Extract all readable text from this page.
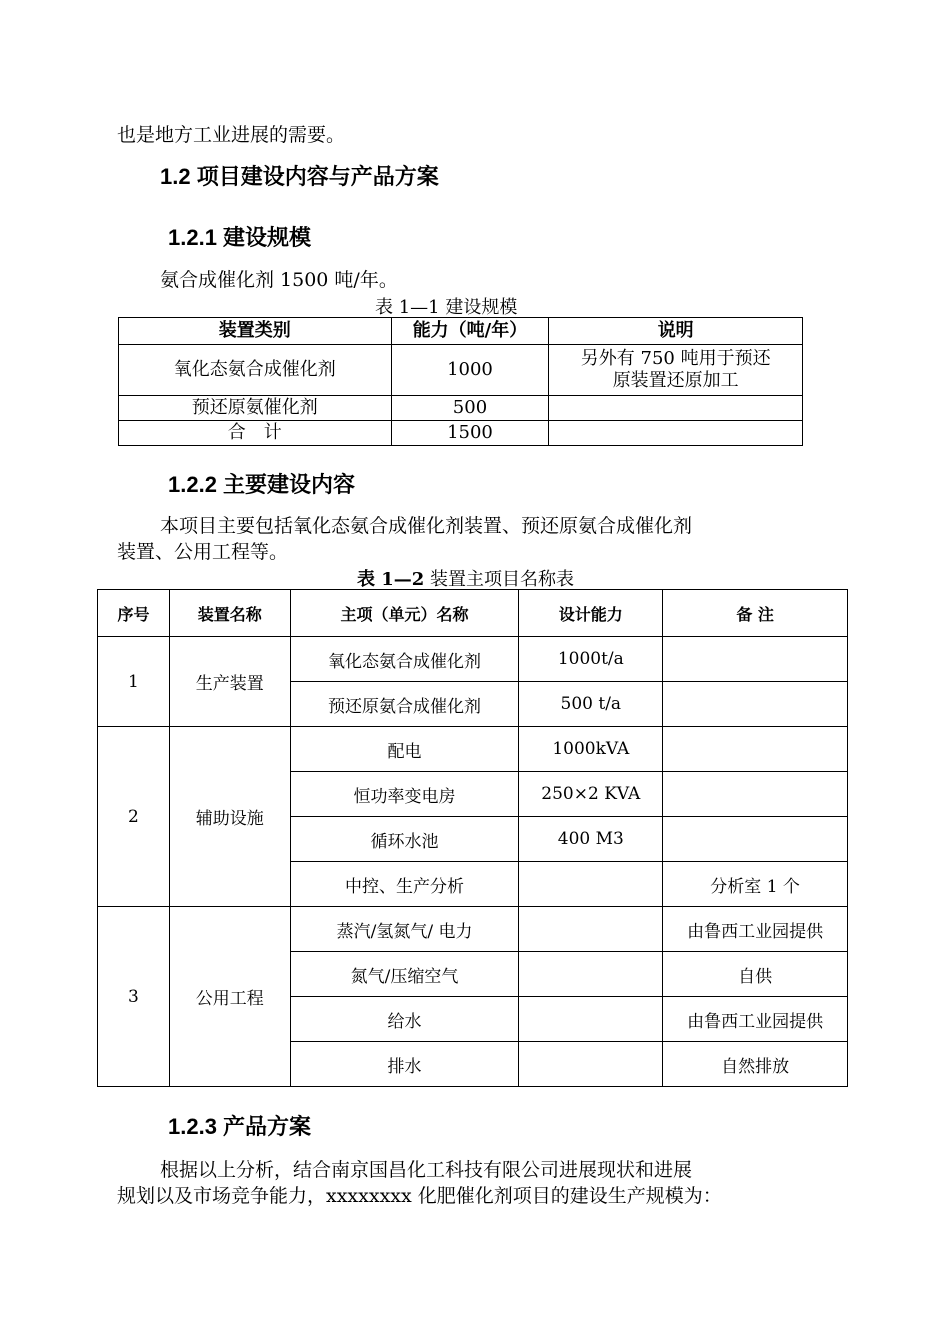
也是地方工业进展的需要。
1.2 项目建设内容与产品方案
1.2.1 建设规模
氨合成催化剂 1500 吨/年。
表 1—1 建设规模
装置类别	能力（吨/年）	说明
氧化态氨合成催化剂	1000	另外有 750 吨用于预还
原装置还原加工

预还原氨催化剂	500	
合　计	1500	
1.2.2 主要建设内容
本项目主要包括氧化态氨合成催化剂装置、预还原氨合成催化剂
装置、公用工程等。
表 1—2 装置主项目名称表
序号	装置名称	主项（单元）名称	设计能力	备 注
1	生产装置	氧化态氨合成催化剂	1000t/a	
		预还原氨合成催化剂	500 t/a	
2	辅助设施	配电	1000kVA	
		恒功率变电房	250×2 KVA	
		循环水池	400 M3	
		中控、生产分析		分析室 1 个
3	公用工程	蒸汽/氢氮气/ 电力		由鲁西工业园提供
		氮气/压缩空气		自供
		给水		由鲁西工业园提供
		排水		自然排放
1.2.3 产品方案
根据以上分析，结合南京国昌化工科技有限公司进展现状和进展
规划以及市场竞争能力，xxxxxxxx 化肥催化剂项目的建设生产规模为：
